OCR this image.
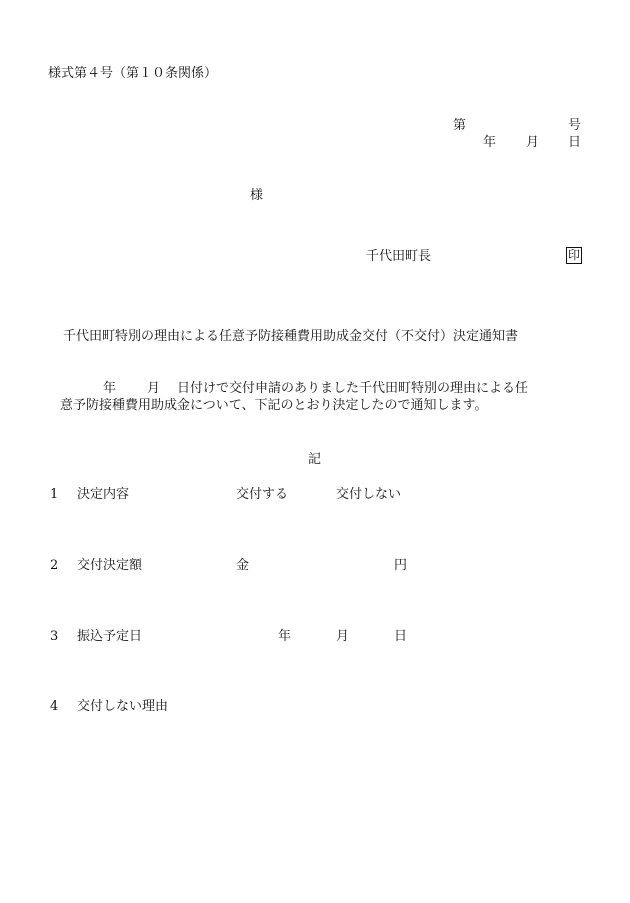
様式第４号（第１０条関係）
第	号
年 月 日
様
千代田町長	印
千代田町特別の理由による任意予防接種費用助成金交付（不交付）決定通知書
年 月 日付けで交付申請のありました千代田町特別の理由による任
意予防接種費用助成金について、下記のとおり決定したので通知します。
記
1 決定内容	交付する	交付しない
2 交付決定額	金	円
3 振込予定日	年	月	日
4 交付しない理由
